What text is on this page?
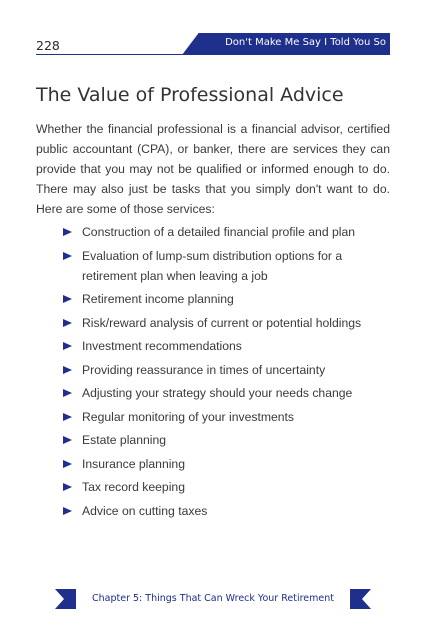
228	Don't Make Me Say I Told You So
The Value of Professional Advice

Whether the financial professional is a financial advisor, certified public accountant (CPA), or banker, there are services they can provide that you may not be qualified or informed enough to do. There may also just be tasks that you simply don't want to do. Here are some of those services:

Construction of a detailed financial profile and plan
Evaluation of lump-sum distribution options for a retirement plan when leaving a job
Retirement income planning
Risk/reward analysis of current or potential holdings
Investment recommendations
Providing reassurance in times of uncertainty
Adjusting your strategy should your needs change
Regular monitoring of your investments
Estate planning
Insurance planning
Tax record keeping
Advice on cutting taxes
Chapter 5: Things That Can Wreck Your Retirement
